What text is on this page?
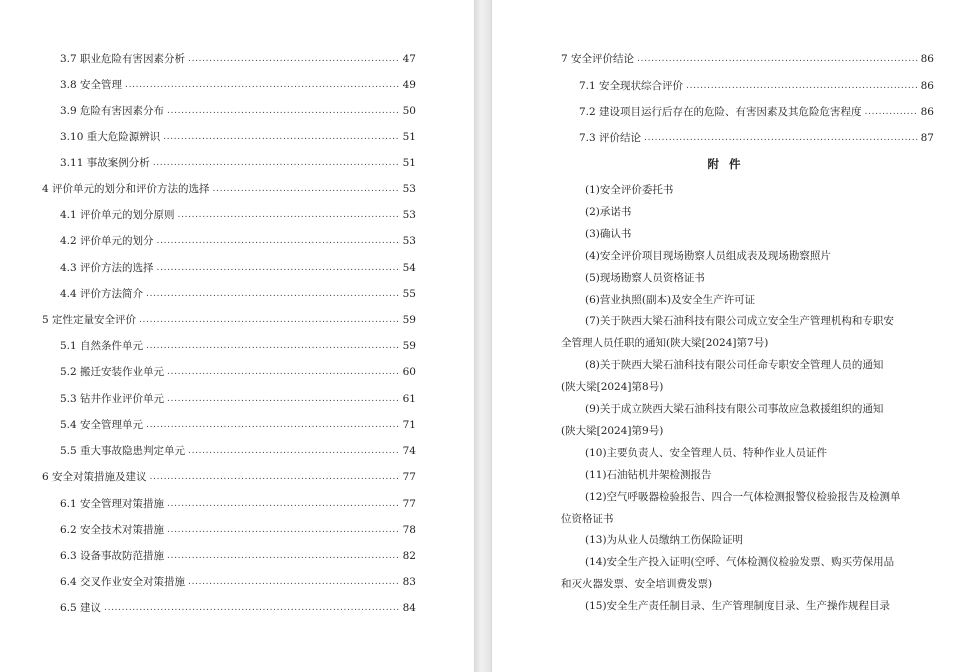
3.7 职业危险有害因素分析 . . .	47
3.8 安全管理 . . .	49
3.9 危险有害因素分布 . . .	50
3.10 重大危险源辨识 . . .	51
3.11 事故案例分析 . . .	51
4 评价单元的划分和评价方法的选择 . . .	53
4.1 评价单元的划分原则 . . .	53
4.2 评价单元的划分 . . .	53
4.3 评价方法的选择 . . .	54
4.4 评价方法简介 . . .	55
5 定性定量安全评价 . . .	59
5.1 自然条件单元 . . .	59
5.2 搬迁安装作业单元 . . .	60
5.3 钻井作业评价单元 . . .	61
5.4 安全管理单元 . . .	71
5.5 重大事故隐患判定单元 . . .	74
6 安全对策措施及建议 . . .	77
6.1 安全管理对策措施 . . .	77
6.2 安全技术对策措施 . . .	78
6.3 设备事故防范措施 . . .	82
6.4 交叉作业安全对策措施 . . .	83
6.5 建议 . . .	84
7 安全评价结论 . . .	86
7.1 安全现状综合评价 . . .	86
7.2 建设项目运行后存在的危险、有害因素及其危险危害程度 . . .	86
7.3 评价结论 . . .	87
附 件
(1)安全评价委托书
(2)承诺书
(3)确认书
(4)安全评价项目现场勘察人员组成表及现场勘察照片
(5)现场勘察人员资格证书
(6)营业执照(副本)及安全生产许可证
(7)关于陕西大梁石油科技有限公司成立安全生产管理机构和专职安
全管理人员任职的通知(陕大梁[2024]第7号)
(8)关于陕西大梁石油科技有限公司任命专职安全管理人员的通知
(陕大梁[2024]第8号)
(9)关于成立陕西大梁石油科技有限公司事故应急救援组织的通知
(陕大梁[2024]第9号)
(10)主要负责人、安全管理人员、特种作业人员证件
(11)石油钻机井架检测报告
(12)空气呼吸器检验报告、四合一气体检测报警仪检验报告及检测单
位资格证书
(13)为从业人员缴纳工伤保险证明
(14)安全生产投入证明(空呼、气体检测仪检验发票、购买劳保用品
和灭火器发票、安全培训费发票)
(15)安全生产责任制目录、生产管理制度目录、生产操作规程目录
